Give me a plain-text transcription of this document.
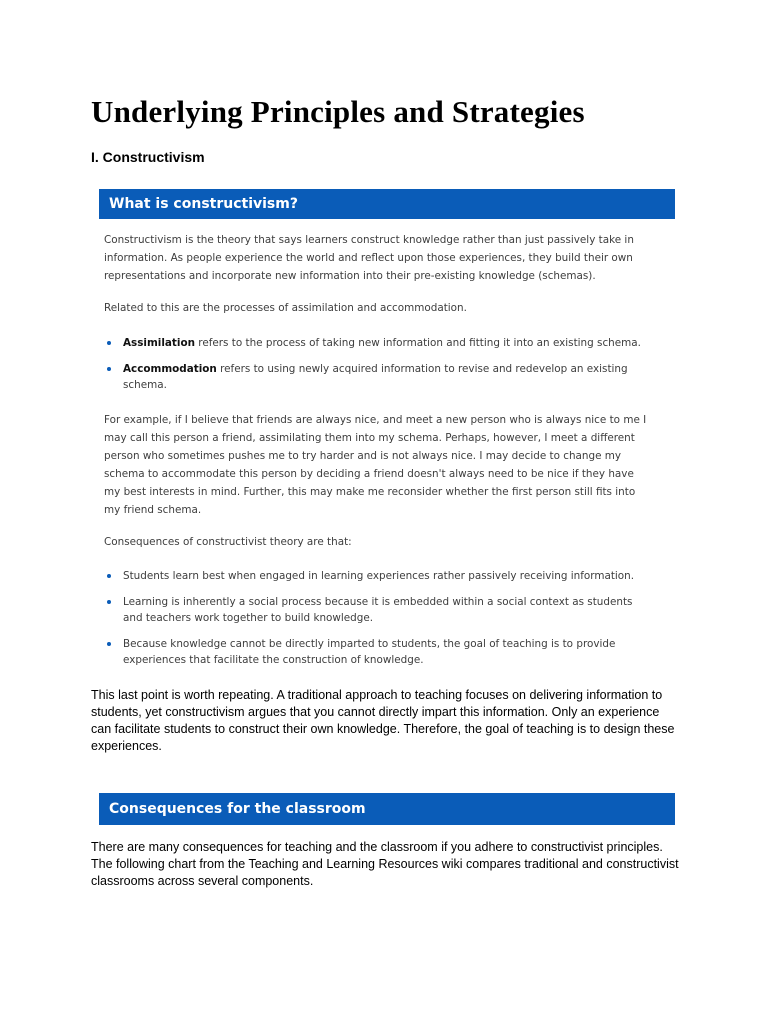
Underlying Principles and Strategies
I. Constructivism
What is constructivism?

Constructivism is the theory that says learners construct knowledge rather than just passively take in information. As people experience the world and reflect upon those experiences, they build their own representations and incorporate new information into their pre-existing knowledge (schemas).

Related to this are the processes of assimilation and accommodation.

Assimilation refers to the process of taking new information and fitting it into an existing schema.
Accommodation refers to using newly acquired information to revise and redevelop an existing schema.

For example, if I believe that friends are always nice, and meet a new person who is always nice to me I may call this person a friend, assimilating them into my schema. Perhaps, however, I meet a different person who sometimes pushes me to try harder and is not always nice. I may decide to change my schema to accommodate this person by deciding a friend doesn't always need to be nice if they have my best interests in mind. Further, this may make me reconsider whether the first person still fits into my friend schema.

Consequences of constructivist theory are that:

Students learn best when engaged in learning experiences rather passively receiving information.
Learning is inherently a social process because it is embedded within a social context as students and teachers work together to build knowledge.
Because knowledge cannot be directly imparted to students, the goal of teaching is to provide experiences that facilitate the construction of knowledge.

This last point is worth repeating. A traditional approach to teaching focuses on delivering information to students, yet constructivism argues that you cannot directly impart this information. Only an experience can facilitate students to construct their own knowledge. Therefore, the goal of teaching is to design these experiences.

Consequences for the classroom

There are many consequences for teaching and the classroom if you adhere to constructivist principles. The following chart from the Teaching and Learning Resources wiki compares traditional and constructivist classrooms across several components.
